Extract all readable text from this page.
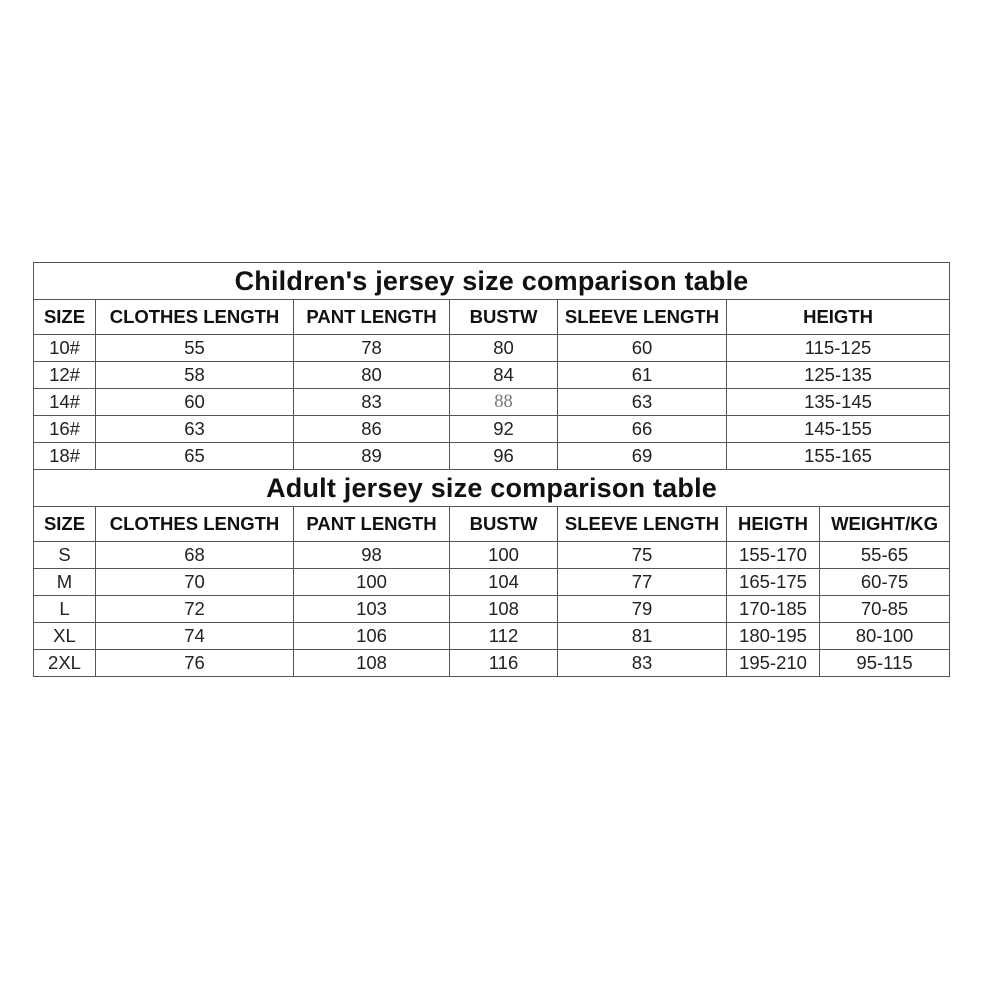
Children's jersey size comparison table						
SIZE	CLOTHES LENGTH	PANT LENGTH	BUSTW	SLEEVE LENGTH	HEIGTH	
10#	55	78	80	60	115-125	
12#	58	80	84	61	125-135	
14#	60	83	88	63	135-145	
16#	63	86	92	66	145-155	
18#	65	89	96	69	155-165	
Adult jersey size comparison table						
SIZE	CLOTHES LENGTH	PANT LENGTH	BUSTW	SLEEVE LENGTH	HEIGTH	WEIGHT/KG
S	68	98	100	75	155-170	55-65
M	70	100	104	77	165-175	60-75
L	72	103	108	79	170-185	70-85
XL	74	106	112	81	180-195	80-100
2XL	76	108	116	83	195-210	95-115
